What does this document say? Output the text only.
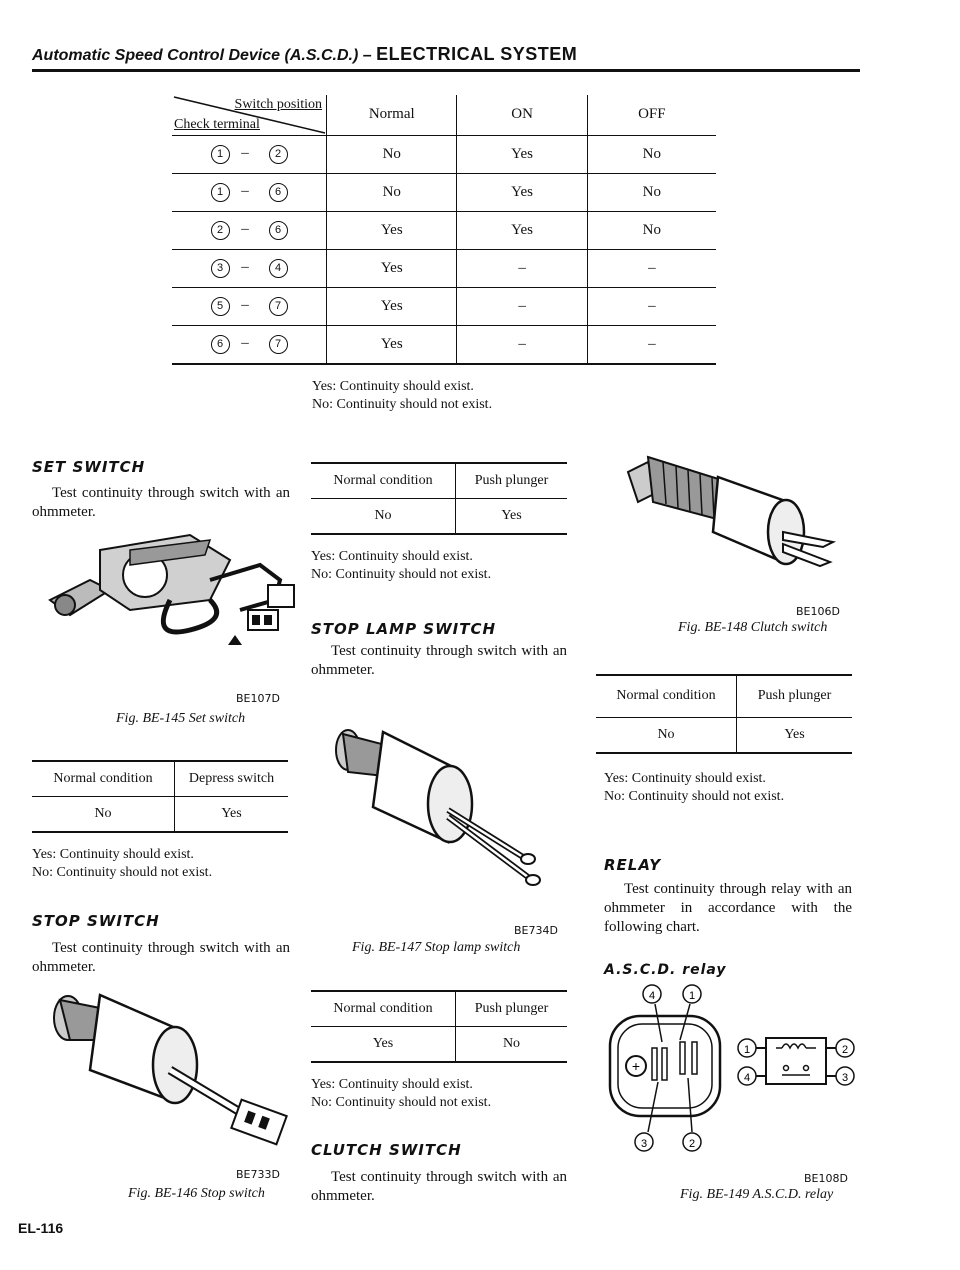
Automatic Speed Control Device (A.S.C.D.) – ELECTRICAL SYSTEM
Switch position
Check terminal	Normal	ON	OFF
1 – 2	No	Yes	No
1 – 6	No	Yes	No
2 – 6	Yes	Yes	No
3 – 4	Yes	–	–
5 – 7	Yes	–	–
6 – 7	Yes	–	–
Yes: Continuity should exist.
No: Continuity should not exist.
SET SWITCH
Test continuity through switch with an ohmmeter.
BE107D
Fig. BE-145 Set switch
Normal condition	Depress switch
No	Yes
Yes: Continuity should exist.
No: Continuity should not exist.
STOP SWITCH
Test continuity through switch with an ohmmeter.
BE733D
Fig. BE-146 Stop switch
Normal condition	Push plunger
No	Yes
Yes: Continuity should exist.
No: Continuity should not exist.
STOP LAMP SWITCH
Test continuity through switch with an ohmmeter.
BE734D
Fig. BE-147 Stop lamp switch
Normal condition	Push plunger
Yes	No
Yes: Continuity should exist.
No: Continuity should not exist.
CLUTCH SWITCH
Test continuity through switch with an ohmmeter.
BE106D
Fig. BE-148 Clutch switch
Normal condition	Push plunger
No	Yes
Yes: Continuity should exist.
No: Continuity should not exist.
RELAY
Test continuity through relay with an ohmmeter in accordance with the following chart.
A.S.C.D. relay
+
4	1
3	2
1
4
2
3
BE108D
Fig. BE-149 A.S.C.D. relay
EL-116
